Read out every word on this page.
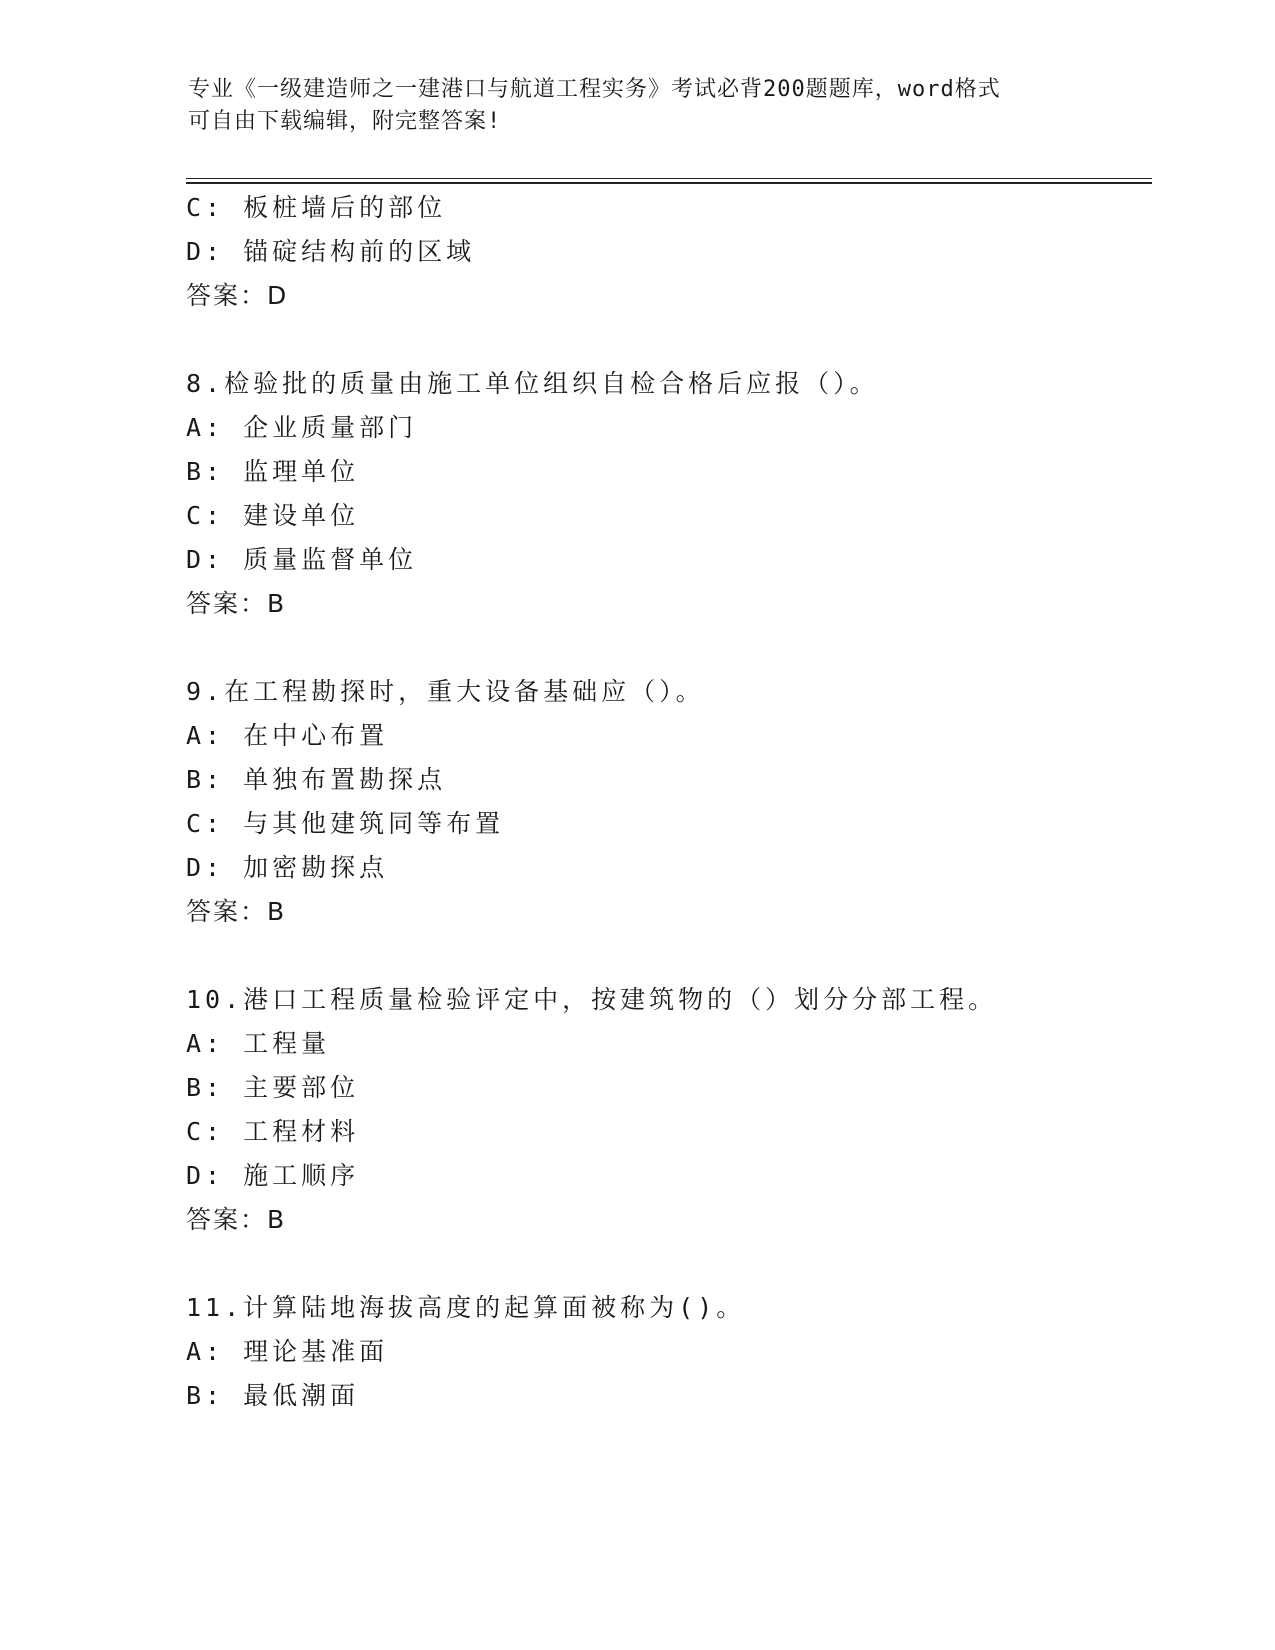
专业《一级建造师之一建港口与航道工程实务》考试必背200题题库，word格式
可自由下载编辑，附完整答案!
C: 板桩墙后的部位
D: 锚碇结构前的区域
答案：D
8.检验批的质量由施工单位组织自检合格后应报（）。
A: 企业质量部门
B: 监理单位
C: 建设单位
D: 质量监督单位
答案：B
9.在工程勘探时，重大设备基础应（）。
A: 在中心布置
B: 单独布置勘探点
C: 与其他建筑同等布置
D: 加密勘探点
答案：B
10.港口工程质量检验评定中，按建筑物的（）划分分部工程。
A: 工程量
B: 主要部位
C: 工程材料
D: 施工顺序
答案：B
11.计算陆地海拔高度的起算面被称为()。
A: 理论基准面
B: 最低潮面
